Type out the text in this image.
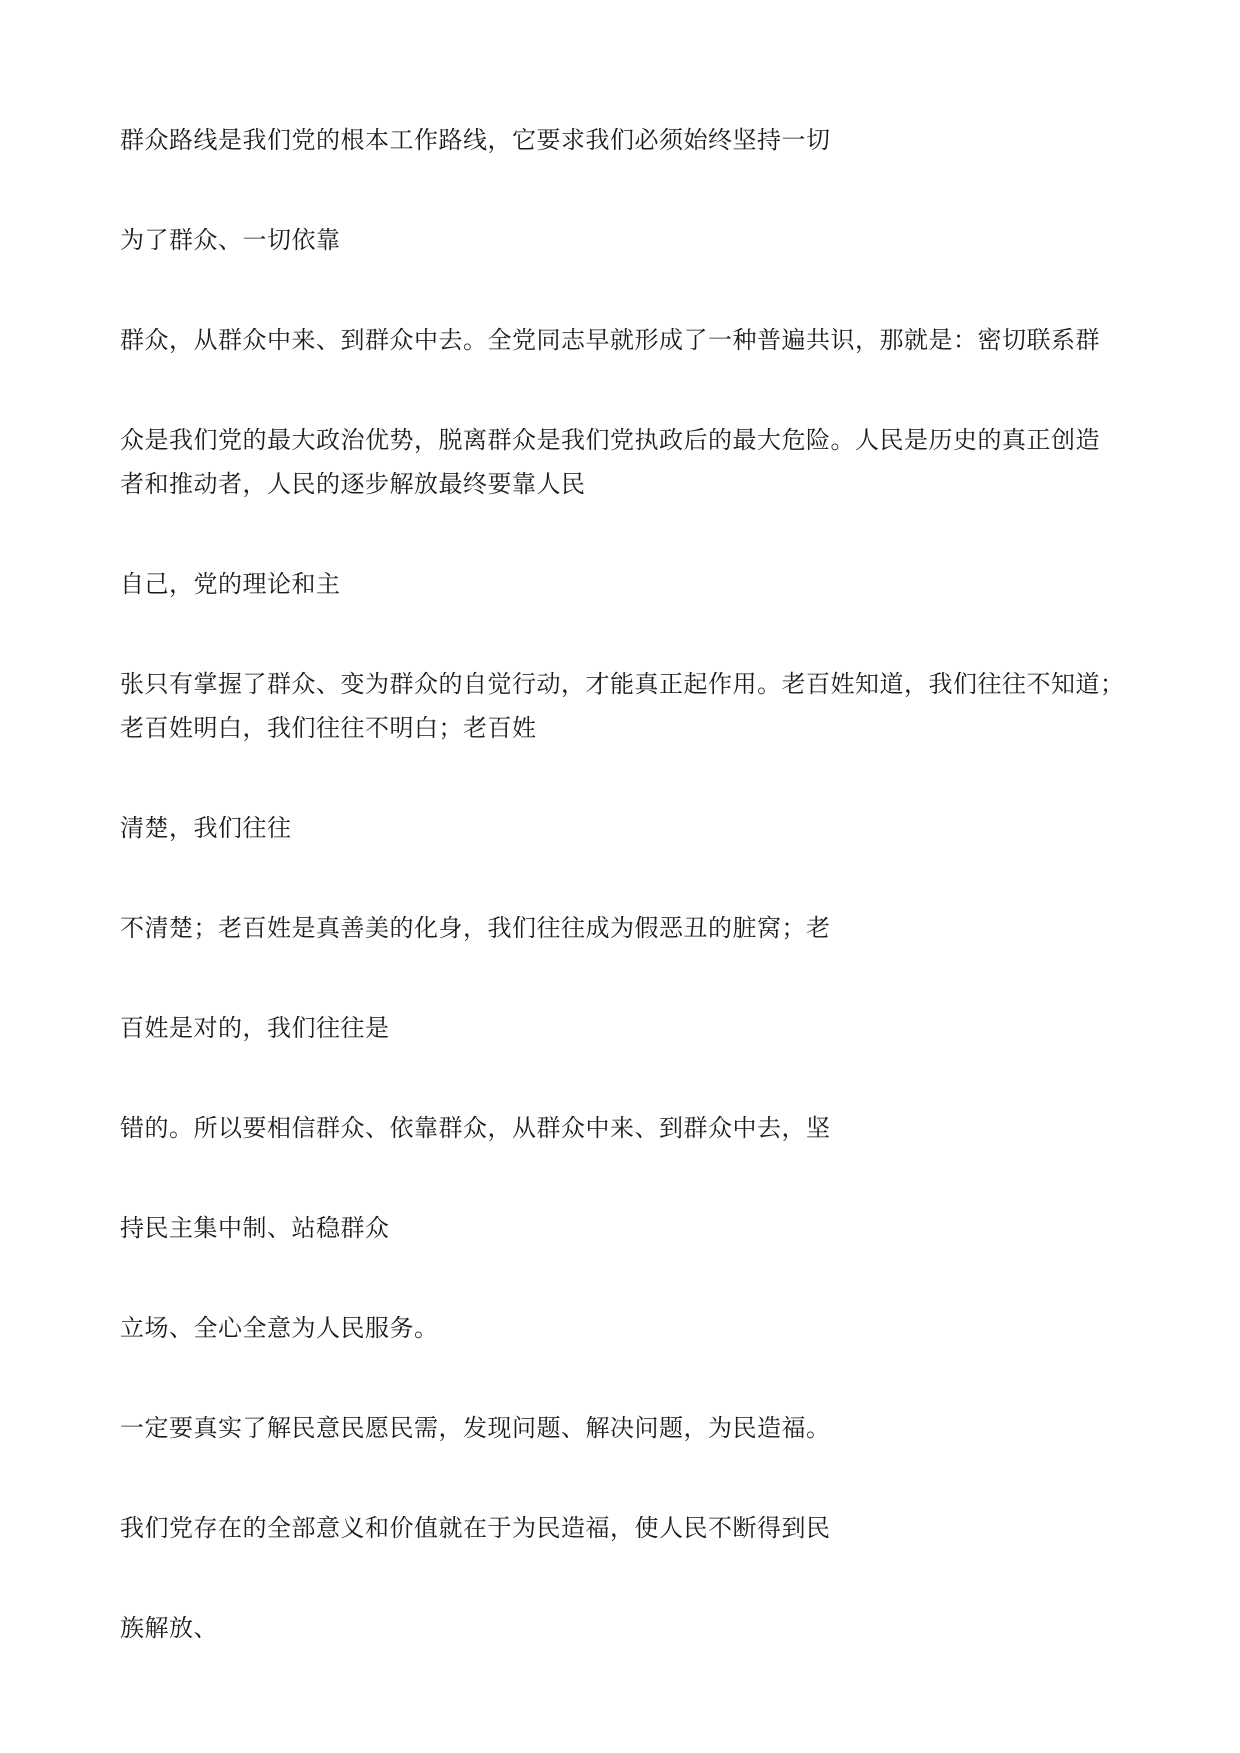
群众路线是我们党的根本工作路线，它要求我们必须始终坚持一切

为了群众、一切依靠

群众，从群众中来、到群众中去。全党同志早就形成了一种普遍共识，那就是：密切联系群

众是我们党的最大政治优势，脱离群众是我们党执政后的最大危险。人民是历史的真正创造

者和推动者，人民的逐步解放最终要靠人民

自己，党的理论和主

张只有掌握了群众、变为群众的自觉行动，才能真正起作用。老百姓知道，我们往往不知道；

老百姓明白，我们往往不明白；老百姓

清楚，我们往往

不清楚；老百姓是真善美的化身，我们往往成为假恶丑的脏窝；老

百姓是对的，我们往往是

错的。所以要相信群众、依靠群众，从群众中来、到群众中去，坚

持民主集中制、站稳群众

立场、全心全意为人民服务。

一定要真实了解民意民愿民需，发现问题、解决问题，为民造福。

我们党存在的全部意义和价值就在于为民造福，使人民不断得到民

族解放、
